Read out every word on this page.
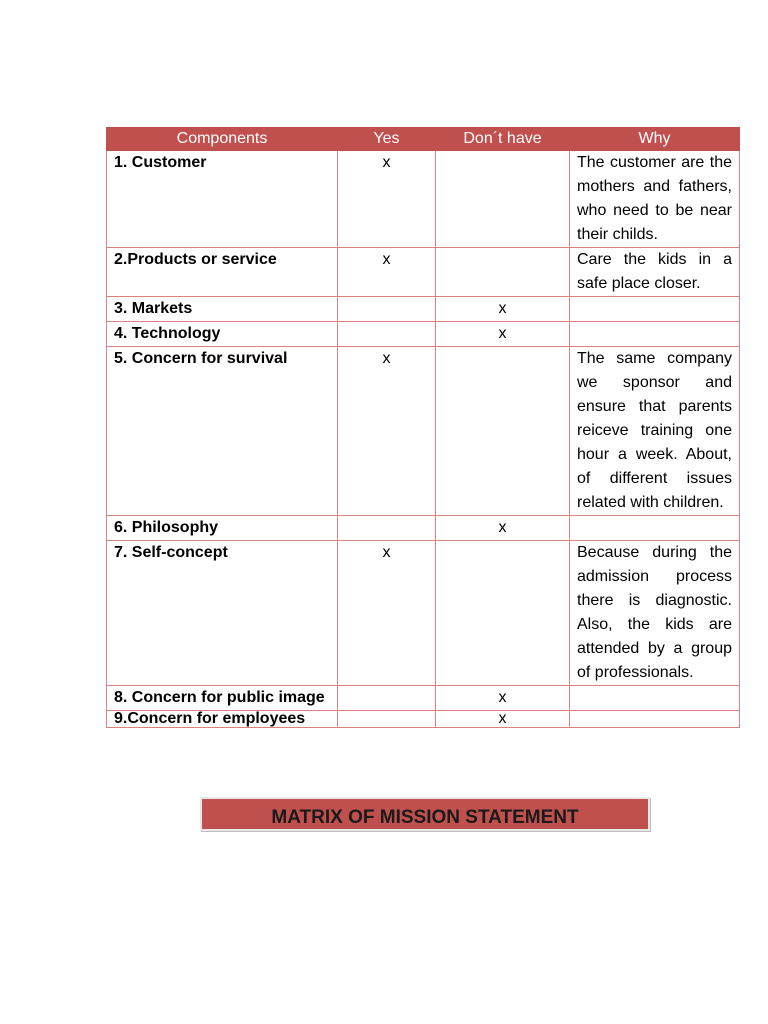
Components	Yes	Don´t have	Why
1. Customer	x		The customer are the mothers and fathers, who need to be near their childs.
2.Products or service	x		Care the kids in a safe place closer.
3. Markets		x	
4. Technology		x	
5. Concern for survival	x		The same company we sponsor and ensure that parents reiceve training one hour a week. About, of different issues related with children.
6. Philosophy		x	
7. Self-concept	x		Because during the admission process there is diagnostic. Also, the kids are attended by a group of professionals.
8. Concern for public image		x	
9.Concern for employees		x	
MATRIX OF MISSION STATEMENT
